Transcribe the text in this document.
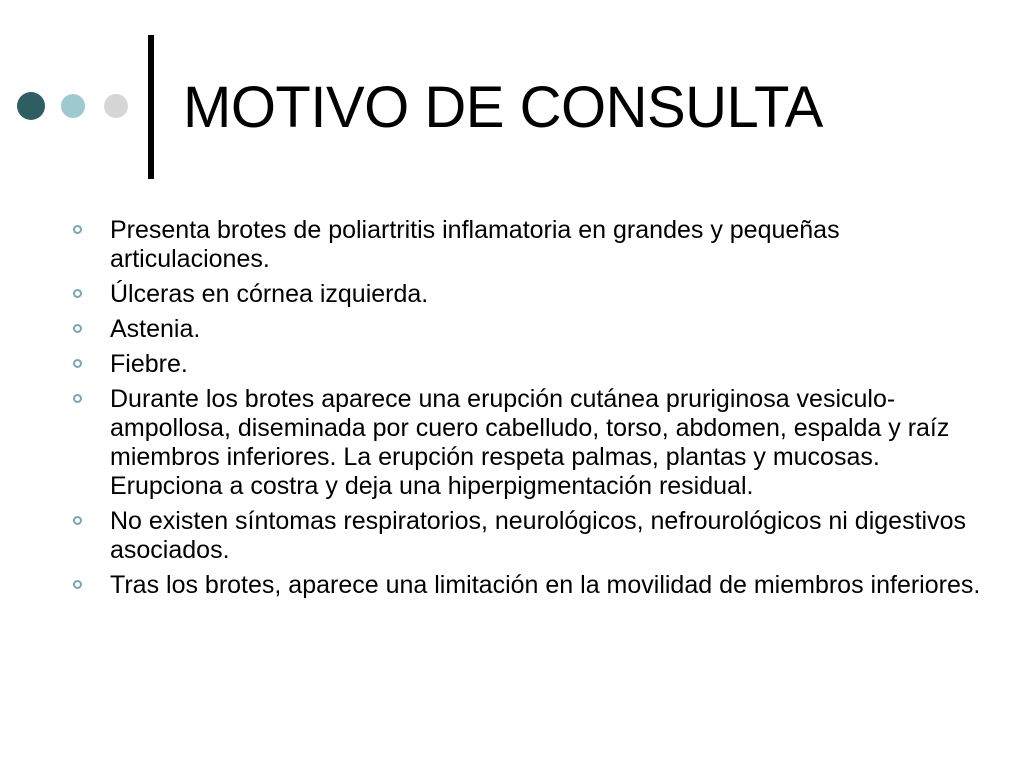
MOTIVO DE CONSULTA
Presenta brotes de poliartritis inflamatoria en grandes y pequeñas articulaciones.
Úlceras en córnea izquierda.
Astenia.
Fiebre.
Durante los brotes aparece una erupción cutánea pruriginosa vesiculo-ampollosa, diseminada por cuero cabelludo, torso, abdomen, espalda y raíz miembros inferiores. La erupción respeta palmas, plantas y mucosas. Erupciona a costra y deja una hiperpigmentación residual.
No existen síntomas respiratorios, neurológicos, nefrourológicos ni digestivos asociados.
Tras los brotes, aparece una limitación en la movilidad de miembros inferiores.
